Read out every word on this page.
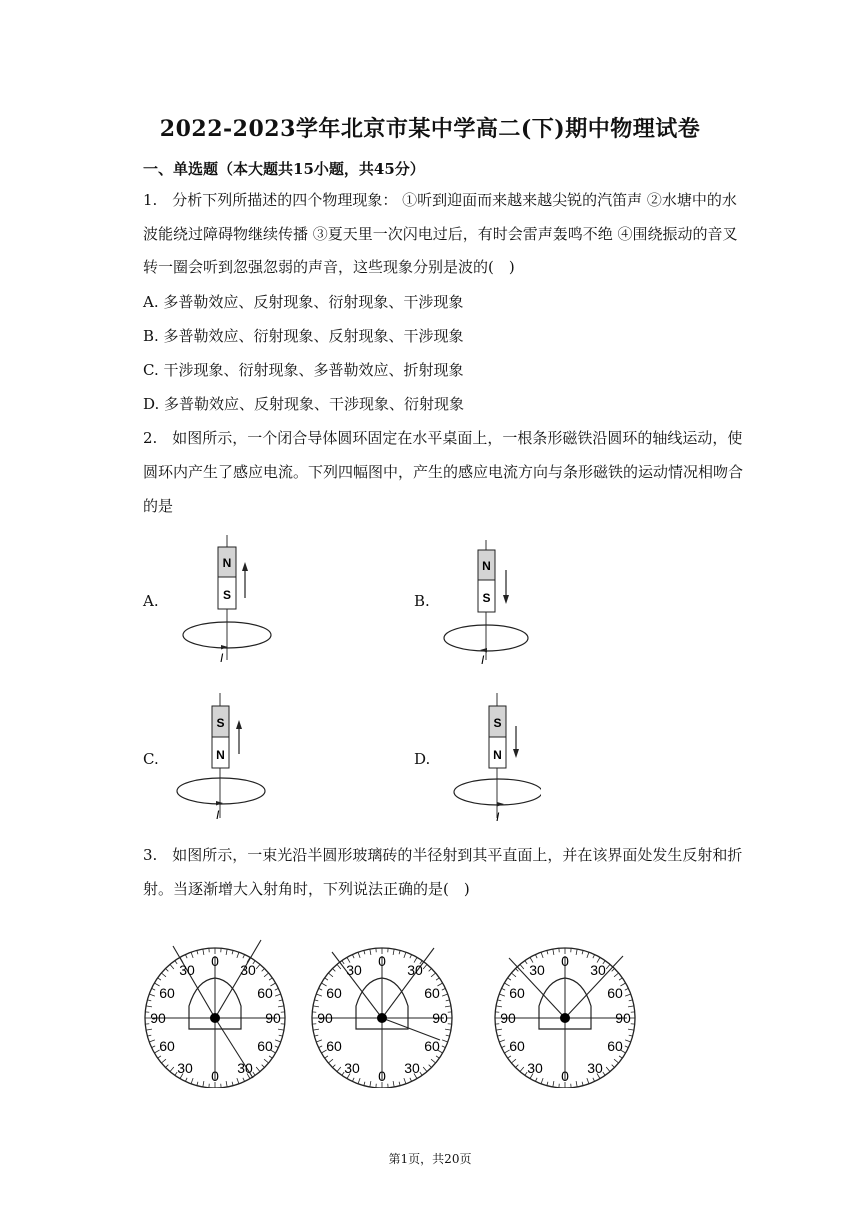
2022-2023学年北京市某中学高二(下)期中物理试卷
一、单选题（本大题共15小题，共45分）
1.　分析下列所描述的四个物理现象： ①听到迎面而来越来越尖锐的汽笛声 ②水塘中的水
波能绕过障碍物继续传播 ③夏天里一次闪电过后，有时会雷声轰鸣不绝 ④围绕振动的音叉
转一圈会听到忽强忽弱的声音，这些现象分别是波的(　)
A. 多普勒效应、反射现象、衍射现象、干涉现象
B. 多普勒效应、衍射现象、反射现象、干涉现象
C. 干涉现象、衍射现象、多普勒效应、折射现象
D. 多普勒效应、反射现象、干涉现象、衍射现象
2.　如图所示，一个闭合导体圆环固定在水平桌面上，一根条形磁铁沿圆环的轴线运动，使
圆环内产生了感应电流。下列四幅图中，产生的感应电流方向与条形磁铁的运动情况相吻合
的是
A.	B.
C.	D.
N
S
I
N
S
I
S
N
I
S
N
I
3.　如图所示，一束光沿半圆形玻璃砖的半径射到其平直面上，并在该界面处发生反射和折
射。当逐渐增大入射角时，下列说法正确的是(　)
0
30	30
60	60
90	90
60	60
30	30
0
0
30	30
60	60
90	90
60	60
30	30
0
0
30	30
60	60
90	90
60	60
30	30
0
第1页，共20页
